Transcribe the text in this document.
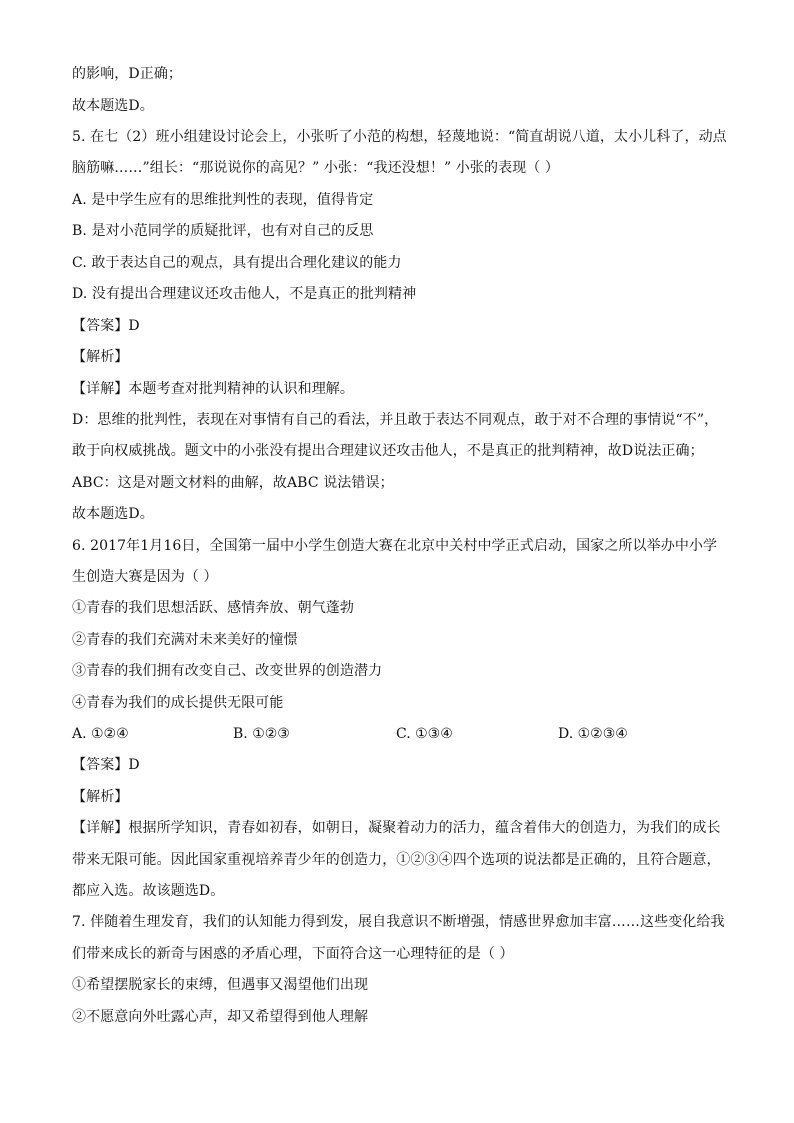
的影响，D正确；
故本题选D。
5. 在七（2）班小组建设讨论会上，小张听了小范的构想，轻蔑地说：“简直胡说八道，太小儿科了，动点
脑筋嘛……”组长：“那说说你的高见？” 小张：“我还没想！” 小张的表现（ ）
A. 是中学生应有的思维批判性的表现，值得肯定
B. 是对小范同学的质疑批评，也有对自己的反思
C. 敢于表达自己的观点，具有提出合理化建议的能力
D. 没有提出合理建议还攻击他人，不是真正的批判精神
【答案】D
【解析】
【详解】本题考查对批判精神的认识和理解。
D：思维的批判性，表现在对事情有自己的看法，并且敢于表达不同观点，敢于对不合理的事情说“不”，
敢于向权威挑战。题文中的小张没有提出合理建议还攻击他人，不是真正的批判精神，故D说法正确；
ABC：这是对题文材料的曲解，故ABC 说法错误；
故本题选D。
6. 2017年1月16日，全国第一届中小学生创造大赛在北京中关村中学正式启动，国家之所以举办中小学
生创造大赛是因为（ ）
①青春的我们思想活跃、感情奔放、朝气蓬勃
②青春的我们充满对未来美好的憧憬
③青春的我们拥有改变自己、改变世界的创造潜力
④青春为我们的成长提供无限可能
A. ①②④	B. ①②③	C. ①③④	D. ①②③④
【答案】D
【解析】
【详解】根据所学知识，青春如初春，如朝日，凝聚着动力的活力，蕴含着伟大的创造力，为我们的成长
带来无限可能。因此国家重视培养青少年的创造力，①②③④四个选项的说法都是正确的，且符合题意，
都应入选。故该题选D。
7. 伴随着生理发育，我们的认知能力得到发，展自我意识不断增强，情感世界愈加丰富……这些变化给我
们带来成长的新奇与困惑的矛盾心理，下面符合这一心理特征的是（ ）
①希望摆脱家长的束缚，但遇事又渴望他们出现
②不愿意向外吐露心声，却又希望得到他人理解
